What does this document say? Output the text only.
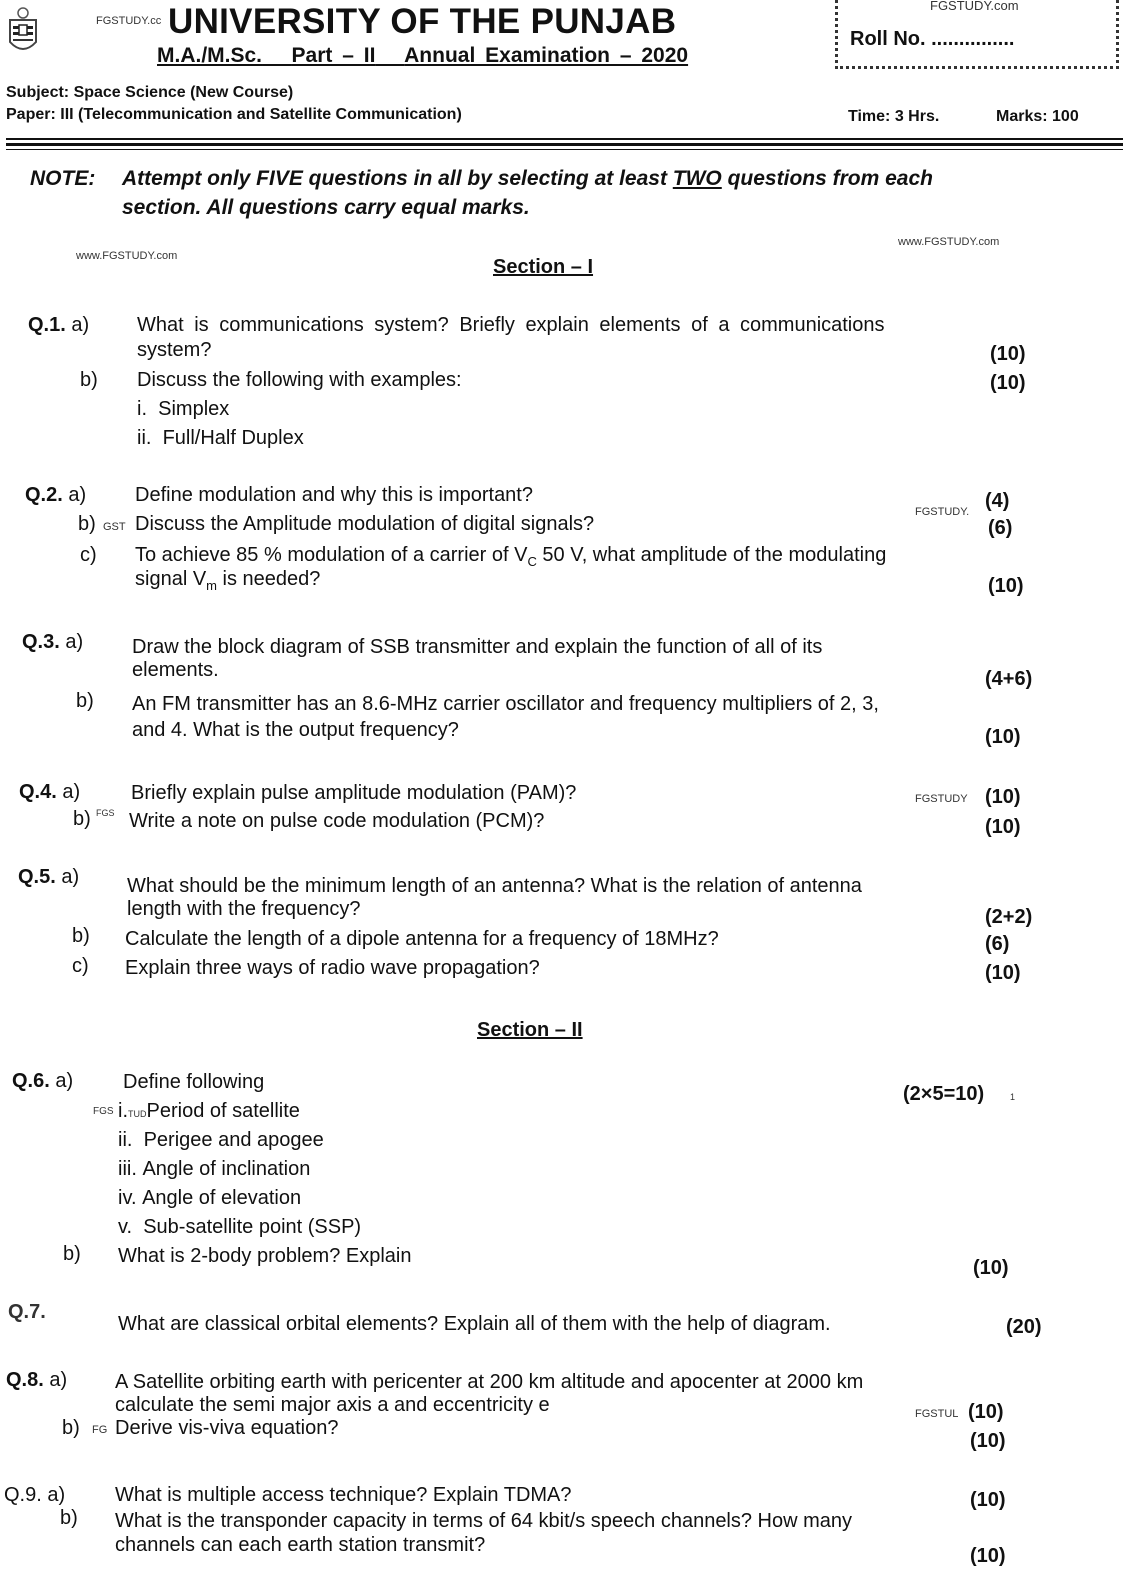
FGSTUDY.cc UNIVERSITY OF THE PUNJAB
M.A./M.Sc. Part – II Annual Examination – 2020
FGSTUDY.com
Roll No. ...............
Subject: Space Science (New Course)
Paper: III (Telecommunication and Satellite Communication)	Time: 3 Hrs.	Marks: 100
NOTE: Attempt only FIVE questions in all by selecting at least TWO questions from each
section. All questions carry equal marks.
www.FGSTUDY.com
www.FGSTUDY.com
Section – I
Q.1. a) What is communications system? Briefly explain elements of a communications
system?	(10)
b) Discuss the following with examples:	(10)
i. Simplex
ii. Full/Half Duplex
Q.2. a) Define modulation and why this is important?
FGSTUDY. (4)
b) GST Discuss the Amplitude modulation of digital signals?	(6)
c) To achieve 85 % modulation of a carrier of $V_C$ 50 V, what amplitude of the modulating
signal $V_m$ is needed?	(10)
Q.3. a) Draw the block diagram of SSB transmitter and explain the function of all of its
elements.	(4+6)
b) An FM transmitter has an 8.6-MHz carrier oscillator and frequency multipliers of 2, 3,
and 4. What is the output frequency?	(10)
Q.4. a)	Briefly explain pulse amplitude modulation (PAM)?	FGSTUDY (10)
b) FGS Write a note on pulse code modulation (PCM)?	(10)
Q.5. a) What should be the minimum length of an antenna? What is the relation of antenna
length with the frequency?	(2+2)
b) Calculate the length of a dipole antenna for a frequency of 18MHz?	(6)
c) Explain three ways of radio wave propagation?	(10)
Section – II
Q.6. a) Define following
(2×5=10)	1
FGS i.TUDPeriod of satellite
ii. Perigee and apogee
iii. Angle of inclination
iv. Angle of elevation
v. Sub-satellite point (SSP)
b) What is 2-body problem? Explain
(10)
Q.7.
What are classical orbital elements? Explain all of them with the help of diagram.	(20)
Q.8. a) A Satellite orbiting earth with pericenter at 200 km altitude and apocenter at 2000 km
calculate the semi major axis a and eccentricity e	FGSTUL (10)
b) FG Derive vis-viva equation?
(10)
Q.9. a) What is multiple access technique? Explain TDMA?	(10)
b) What is the transponder capacity in terms of 64 kbit/s speech channels? How many
channels can each earth station transmit?	(10)
